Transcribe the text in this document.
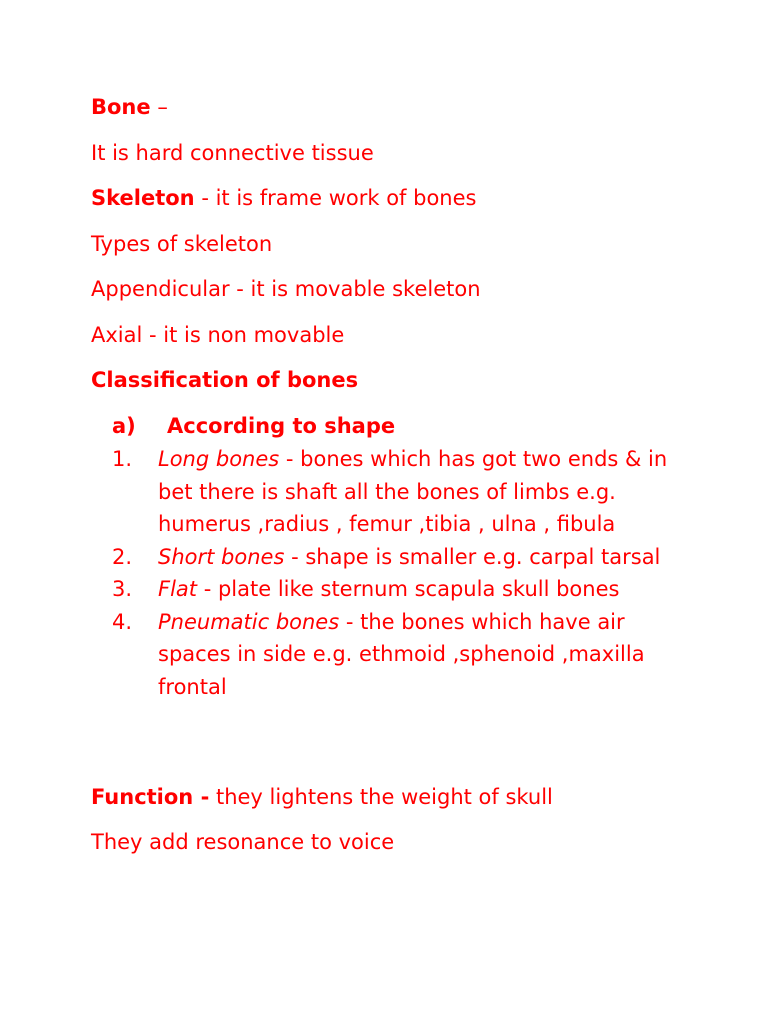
Bone –
It is hard connective tissue
Skeleton - it is frame work of bones
Types of skeleton
Appendicular - it is movable skeleton
Axial - it is non movable
Classification of bones
a) According to shape
1. Long bones - bones which has got two ends & in bet there is shaft all the bones of limbs e.g. humerus ,radius , femur ,tibia , ulna , fibula
2. Short bones - shape is smaller e.g. carpal tarsal
3. Flat - plate like sternum scapula skull bones
4. Pneumatic bones - the bones which have air spaces in side e.g. ethmoid ,sphenoid ,maxilla frontal
Function - they lightens the weight of skull
They add resonance to voice
